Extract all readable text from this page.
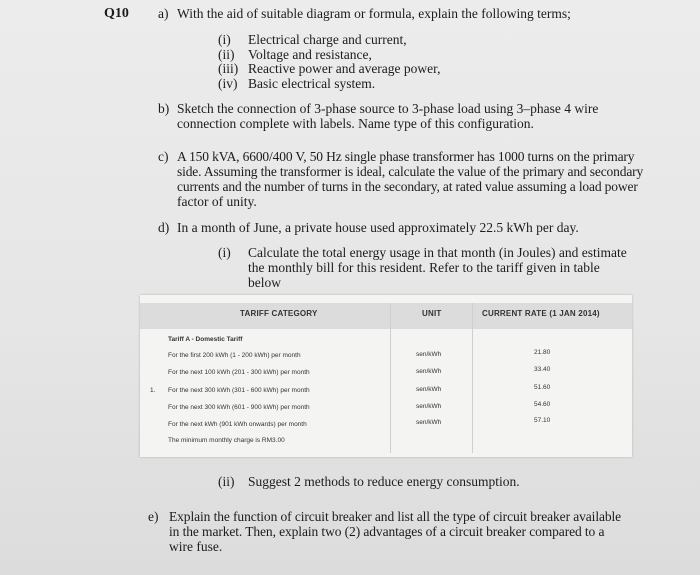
Q10 a) With the aid of suitable diagram or formula, explain the following terms;
(i) Electrical charge and current,
(ii) Voltage and resistance,
(iii) Reactive power and average power,
(iv) Basic electrical system.
b) Sketch the connection of 3-phase source to 3-phase load using 3–phase 4 wire
connection complete with labels. Name type of this configuration.
c) A 150 kVA, 6600/400 V, 50 Hz single phase transformer has 1000 turns on the primary
side. Assuming the transformer is ideal, calculate the value of the primary and secondary
currents and the number of turns in the secondary, at rated value assuming a load power
factor of unity.
d) In a month of June, a private house used approximately 22.5 kWh per day.
(i) Calculate the total energy usage in that month (in Joules) and estimate
the monthly bill for this resident. Refer to the tariff given in table
below
TARIFF CATEGORY	UNIT	CURRENT RATE (1 JAN 2014)
1.
Tariff A - Domestic Tariff
For the first 200 kWh (1 - 200 kWh) per month	sen/kWh	21.80
For the next 100 kWh (201 - 300 kWh) per month	sen/kWh	33.40
For the next 300 kWh (301 - 600 kWh) per month	sen/kWh	51.60
For the next 300 kWh (601 - 900 kWh) per month	sen/kWh	54.60
For the next kWh (901 kWh onwards) per month	sen/kWh	57.10
The minimum monthly charge is RM3.00
(ii) Suggest 2 methods to reduce energy consumption.
e) Explain the function of circuit breaker and list all the type of circuit breaker available
in the market. Then, explain two (2) advantages of a circuit breaker compared to a
wire fuse.
